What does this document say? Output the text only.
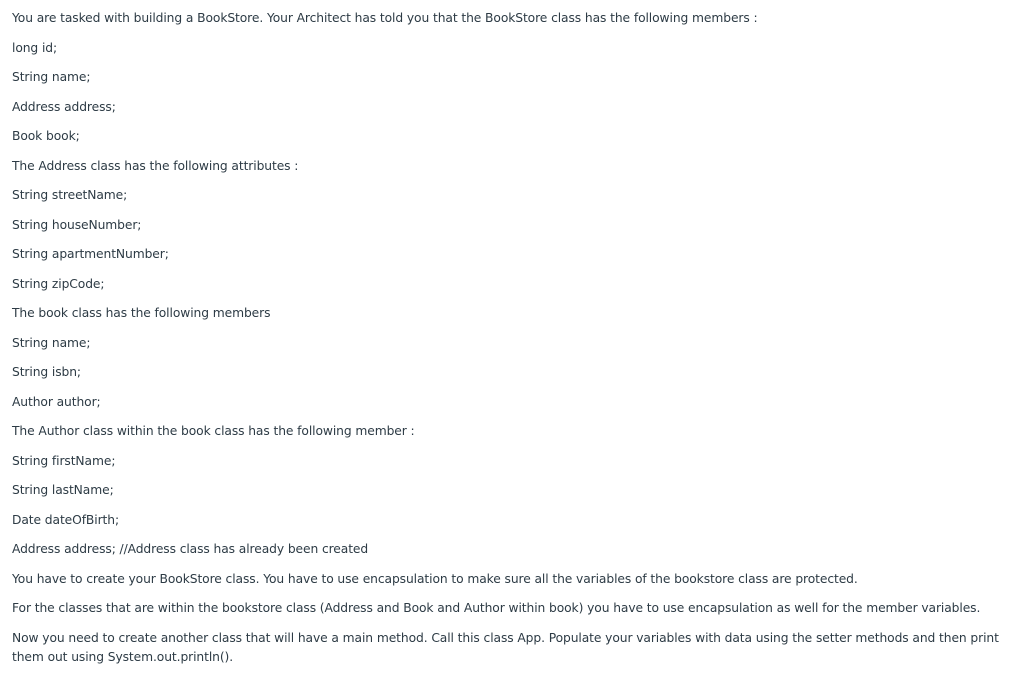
You are tasked with building a BookStore. Your Architect has told you that the BookStore class has the following members :

long id;

String name;

Address address;

Book book;

The Address class has the following attributes :

String streetName;

String houseNumber;

String apartmentNumber;

String zipCode;

The book class has the following members

String name;

String isbn;

Author author;

The Author class within the book class has the following member :

String firstName;

String lastName;

Date dateOfBirth;

Address address; //Address class has already been created

You have to create your BookStore class. You have to use encapsulation to make sure all the variables of the bookstore class are protected.

For the classes that are within the bookstore class (Address and Book and Author within book) you have to use encapsulation as well for the member variables.

Now you need to create another class that will have a main method. Call this class App. Populate your variables with data using the setter methods and then print them out using System.out.println().
